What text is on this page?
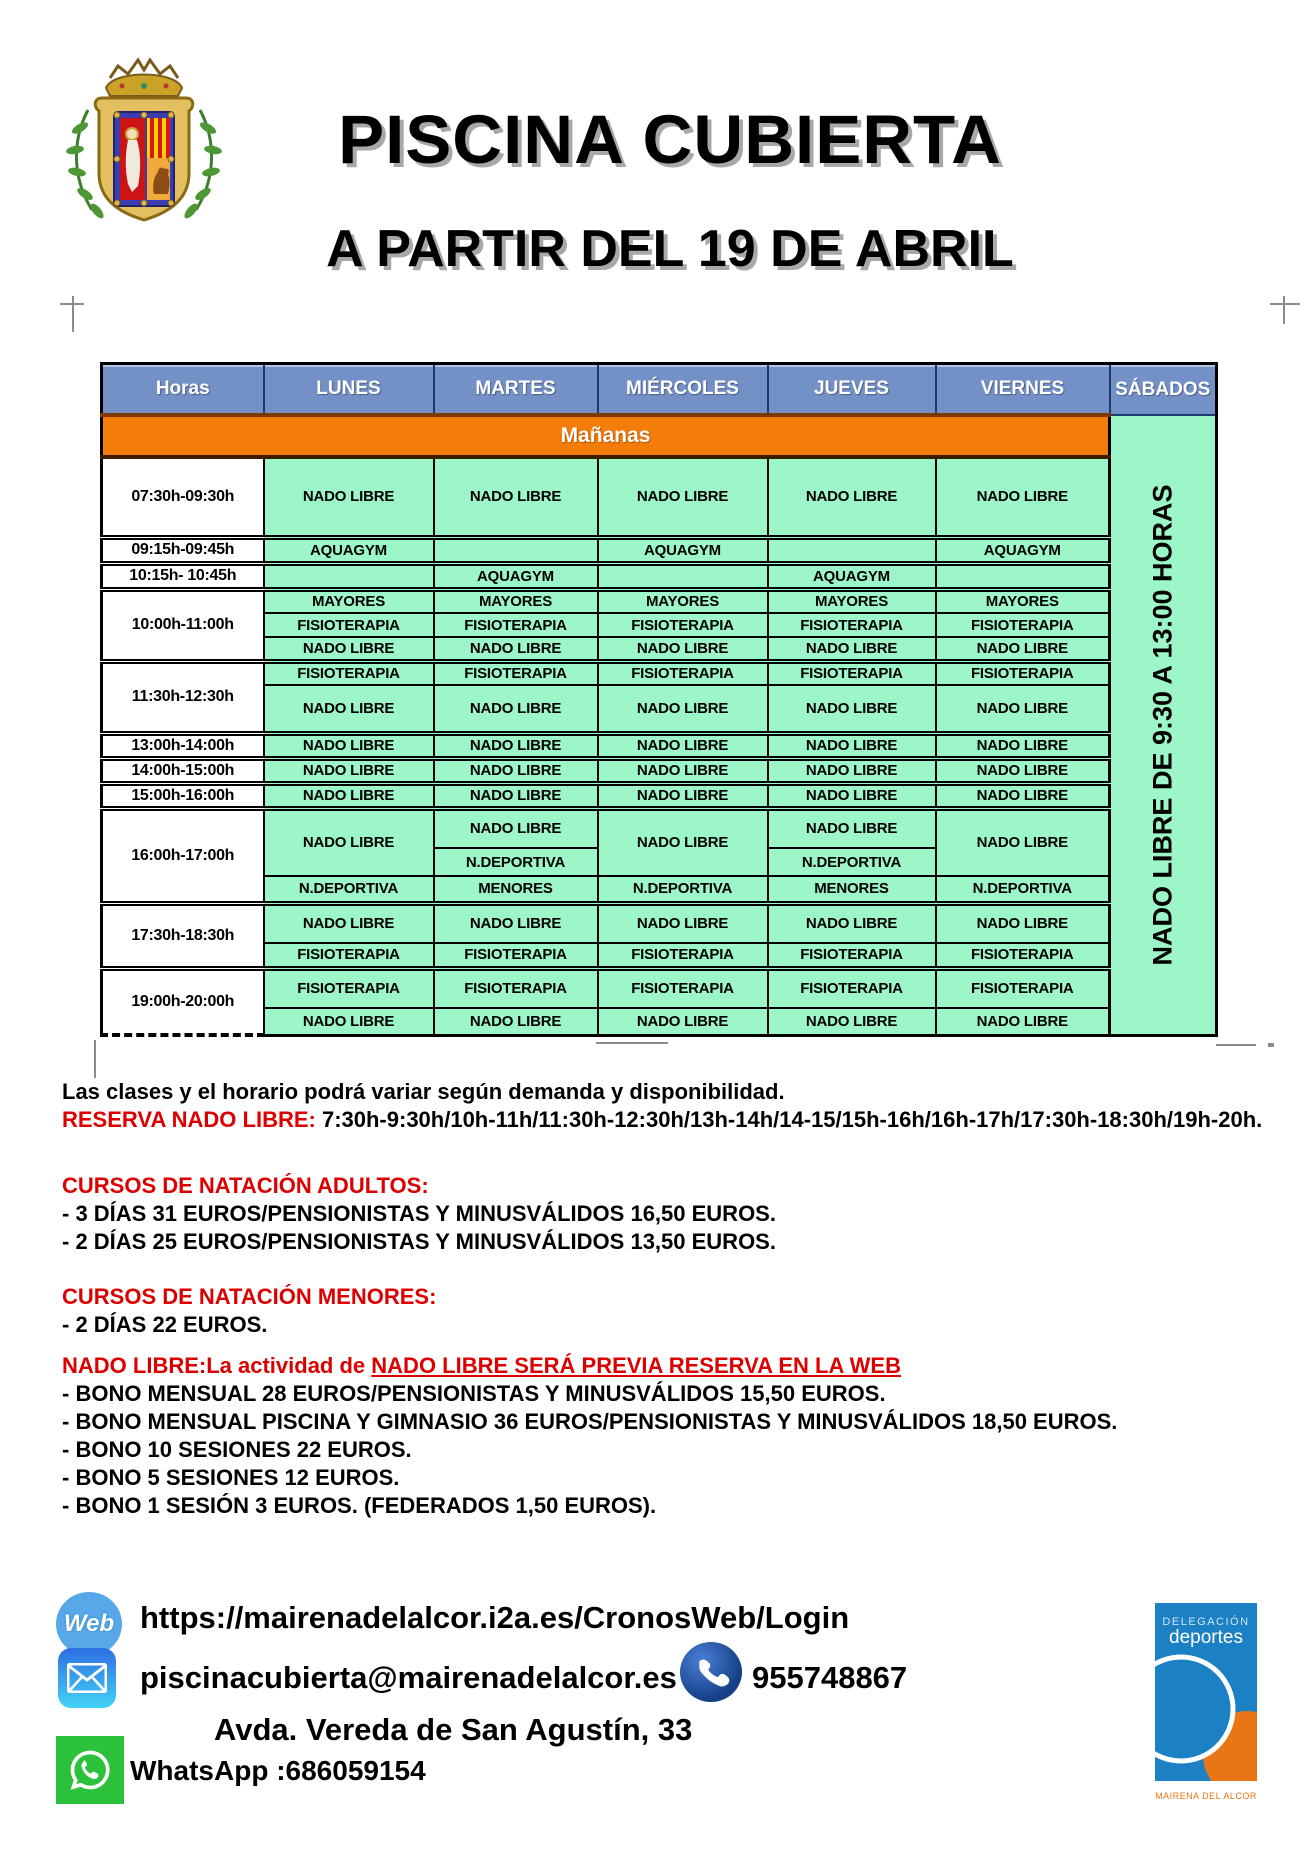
PISCINA CUBIERTA
A PARTIR DEL 19 DE ABRIL
Horas	LUNES	MARTES	MIÉRCOLES	JUEVES	VIERNES	SÁBADOS
Mañanas						NADO LIBRE DE 9:30 A 13:00 HORAS

07:30h-09:30h	NADO LIBRE	NADO LIBRE	NADO LIBRE	NADO LIBRE	NADO LIBRE	
09:15h-09:45h	AQUAGYM		AQUAGYM		AQUAGYM	
10:15h- 10:45h		AQUAGYM		AQUAGYM		
10:00h-11:00h	MAYORES	MAYORES	MAYORES	MAYORES	MAYORES	
	FISIOTERAPIA	FISIOTERAPIA	FISIOTERAPIA	FISIOTERAPIA	FISIOTERAPIA	
	NADO LIBRE	NADO LIBRE	NADO LIBRE	NADO LIBRE	NADO LIBRE	
11:30h-12:30h	FISIOTERAPIA	FISIOTERAPIA	FISIOTERAPIA	FISIOTERAPIA	FISIOTERAPIA	
	NADO LIBRE	NADO LIBRE	NADO LIBRE	NADO LIBRE	NADO LIBRE	
13:00h-14:00h	NADO LIBRE	NADO LIBRE	NADO LIBRE	NADO LIBRE	NADO LIBRE	
14:00h-15:00h	NADO LIBRE	NADO LIBRE	NADO LIBRE	NADO LIBRE	NADO LIBRE	
15:00h-16:00h	NADO LIBRE	NADO LIBRE	NADO LIBRE	NADO LIBRE	NADO LIBRE	
16:00h-17:00h	NADO LIBRE	NADO LIBRE	NADO LIBRE	NADO LIBRE	NADO LIBRE	
		N.DEPORTIVA		N.DEPORTIVA		
	N.DEPORTIVA	MENORES	N.DEPORTIVA	MENORES	N.DEPORTIVA	
17:30h-18:30h	NADO LIBRE	NADO LIBRE	NADO LIBRE	NADO LIBRE	NADO LIBRE	
	FISIOTERAPIA	FISIOTERAPIA	FISIOTERAPIA	FISIOTERAPIA	FISIOTERAPIA	
19:00h-20:00h	FISIOTERAPIA	FISIOTERAPIA	FISIOTERAPIA	FISIOTERAPIA	FISIOTERAPIA	
	NADO LIBRE	NADO LIBRE	NADO LIBRE	NADO LIBRE	NADO LIBRE	
Las clases y el horario podrá variar según demanda y disponibilidad.
RESERVA NADO LIBRE: 7:30h-9:30h/10h-11h/11:30h-12:30h/13h-14h/14-15/15h-16h/16h-17h/17:30h-18:30h/19h-20h.
CURSOS DE NATACIÓN ADULTOS:
- 3 DÍAS 31 EUROS/PENSIONISTAS Y MINUSVÁLIDOS 16,50 EUROS.
- 2 DÍAS 25 EUROS/PENSIONISTAS Y MINUSVÁLIDOS 13,50 EUROS.
CURSOS DE NATACIÓN MENORES:
- 2 DÍAS 22 EUROS.
NADO LIBRE:La actividad de NADO LIBRE SERÁ PREVIA RESERVA EN LA WEB
- BONO MENSUAL 28 EUROS/PENSIONISTAS Y MINUSVÁLIDOS 15,50 EUROS.
- BONO MENSUAL PISCINA Y GIMNASIO 36 EUROS/PENSIONISTAS Y MINUSVÁLIDOS 18,50 EUROS.
- BONO 10 SESIONES 22 EUROS.
- BONO 5 SESIONES 12 EUROS.
- BONO 1 SESIÓN 3 EUROS. (FEDERADOS 1,50 EUROS).
Web https://mairenadelalcor.i2a.es/CronosWeb/Login
piscinacubierta@mairenadelalcor.es 955748867
Avda. Vereda de San Agustín, 33
WhatsApp :686059154
DELEGACIÓN
deportes
MAIRENA DEL ALCOR
